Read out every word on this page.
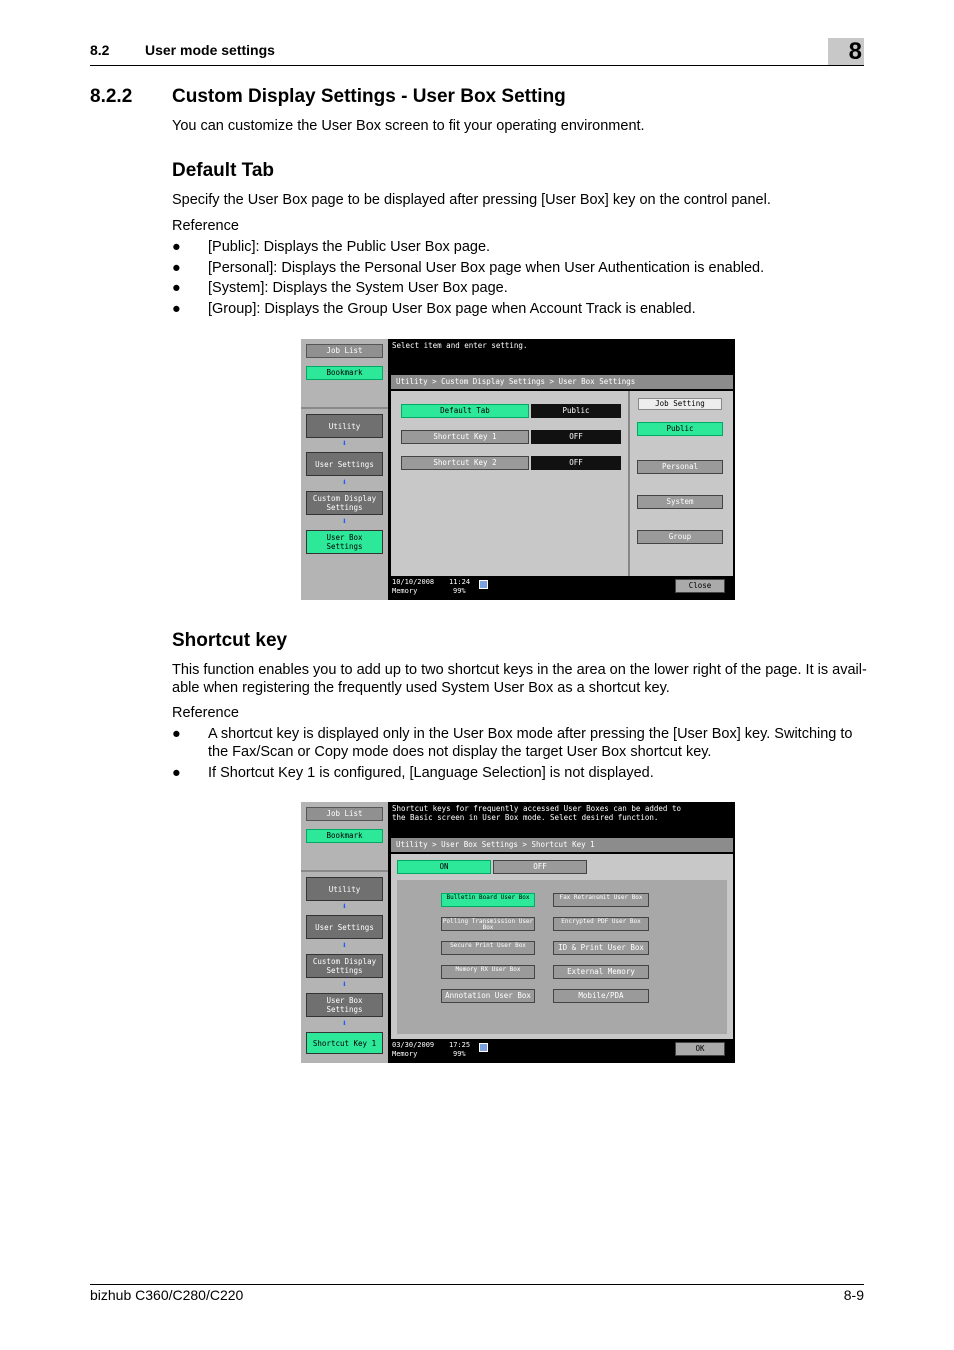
8.2	User mode settings	8
8.2.2 Custom Display Settings - User Box Setting
You can customize the User Box screen to fit your operating environment.
Default Tab
Specify the User Box page to be displayed after pressing [User Box] key on the control panel.
Reference
● [Public]: Displays the Public User Box page.
● [Personal]: Displays the Personal User Box page when User Authentication is enabled.
● [System]: Displays the System User Box page.
● [Group]: Displays the Group User Box page when Account Track is enabled.
Job List
Bookmark
Utility
⬇
User Settings
⬇
Custom Display Settings
⬇
User Box Settings
Select item and enter setting.
Utility > Custom Display Settings > User Box Settings
Default Tab	Public
Shortcut Key 1	OFF
Shortcut Key 2	OFF
Job Setting
Public
Personal
System
Group
10/10/2008 11:24
Memory	99%
Close
Shortcut key
This function enables you to add up to two shortcut keys in the area on the lower right of the page. It is avail-
able when registering the frequently used System User Box as a shortcut key.
Reference
● A shortcut key is displayed only in the User Box mode after pressing the [User Box] key. Switching to the Fax/Scan or Copy mode does not display the target User Box shortcut key.
● If Shortcut Key 1 is configured, [Language Selection] is not displayed.
Job List
Bookmark
Utility
⬇
User Settings
⬇
Custom Display Settings
⬇
User Box Settings
⬇
Shortcut Key 1
Shortcut keys for frequently accessed User Boxes can be added to
the Basic screen in User Box mode. Select desired function.
Utility > User Box Settings > Shortcut Key 1
ON	OFF
Bulletin Board User Box
Polling Transmission User Box
Secure Print User Box
Memory RX User Box
Annotation User Box
Fax Retransmit User Box
Encrypted PDF User Box
ID & Print User Box
External Memory
Mobile/PDA
03/30/2009 17:25
Memory	99%
OK
bizhub C360/C280/C220	8-9
